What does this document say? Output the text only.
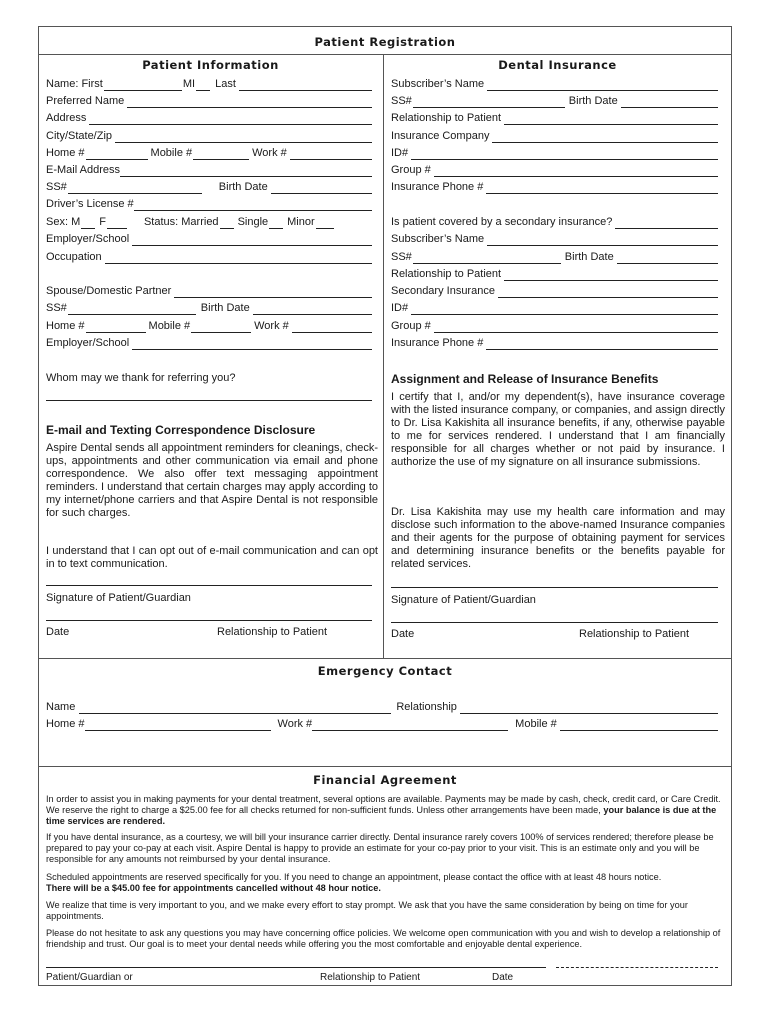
Patient Registration
Patient Information
Name: First	MI Last
Preferred Name
Address
City/State/Zip
Home #	Mobile #	Work #
E-Mail Address
SS#	Birth Date
Driver’s License #
Sex: M F	Status: Married Single Minor
Employer/School
Occupation
Spouse/Domestic Partner
SS#	Birth Date
Home #	Mobile #	Work #
Employer/School
Whom may we thank for referring you?
E-mail and Texting Correspondence Disclosure
Aspire Dental sends all appointment reminders for cleanings, check-ups, appointments and other communication via email and phone correspondence. We also offer text messaging appointment reminders. I understand that certain charges may apply according to my internet/phone carriers and that Aspire Dental is not responsible for such charges.
I understand that I can opt out of e-mail communication and can opt in to text communication.
Signature of Patient/Guardian
Date	Relationship to Patient
Dental Insurance
Subscriber’s Name
SS#	Birth Date
Relationship to Patient
Insurance Company
ID#
Group #
Insurance Phone #
Is patient covered by a secondary insurance?
Subscriber’s Name
SS#	Birth Date
Relationship to Patient
Secondary Insurance
ID#
Group #
Insurance Phone #
Assignment and Release of Insurance Benefits
I certify that I, and/or my dependent(s), have insurance coverage with the listed insurance company, or companies, and assign directly to Dr. Lisa Kakishita all insurance benefits, if any, otherwise payable to me for services rendered. I understand that I am financially responsible for all charges whether or not paid by insurance. I authorize the use of my signature on all insurance submissions.
Dr. Lisa Kakishita may use my health care information and may disclose such information to the above-named Insurance companies and their agents for the purpose of obtaining payment for services and determining insurance benefits or the benefits payable for related services.
Signature of Patient/Guardian
Date	Relationship to Patient
Emergency Contact
Name	Relationship
Home #	Work #	Mobile #
Financial Agreement
In order to assist you in making payments for your dental treatment, several options are available. Payments may be made by cash, check, credit card, or Care Credit. We reserve the right to charge a $25.00 fee for all checks returned for non-sufficient funds. Unless other arrangements have been made, your balance is due at the time services are rendered.
If you have dental insurance, as a courtesy, we will bill your insurance carrier directly. Dental insurance rarely covers 100% of services rendered; therefore please be prepared to pay your co-pay at each visit. Aspire Dental is happy to provide an estimate for your co-pay prior to your visit. This is an estimate only and you will be responsible for any amounts not reimbursed by your dental insurance.
Scheduled appointments are reserved specifically for you. If you need to change an appointment, please contact the office with at least 48 hours notice.
There will be a $45.00 fee for appointments cancelled without 48 hour notice.
We realize that time is very important to you, and we make every effort to stay prompt. We ask that you have the same consideration by being on time for your appointments.
Please do not hesitate to ask any questions you may have concerning office policies. We welcome open communication with you and wish to develop a relationship of friendship and trust. Our goal is to meet your dental needs while offering you the most comfortable and enjoyable dental experience.
Patient/Guardian or	Relationship to Patient	Date
